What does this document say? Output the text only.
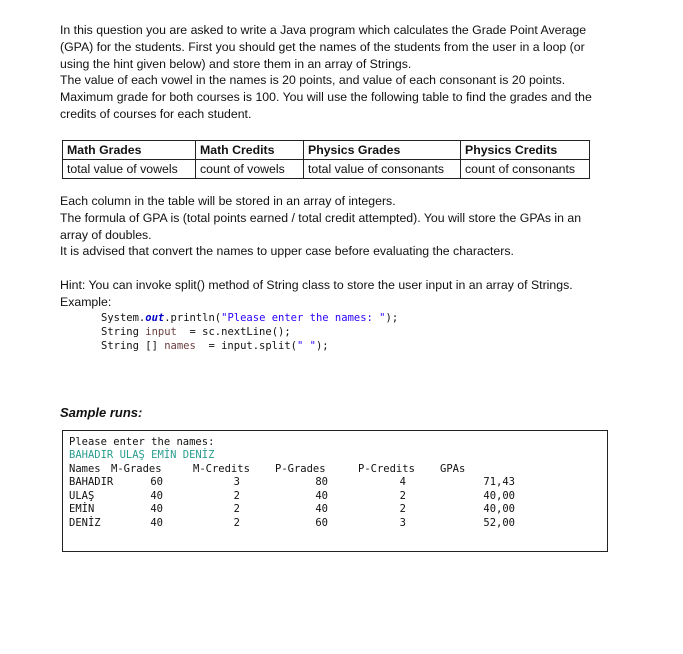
In this question you are asked to write a Java program which calculates the Grade Point Average
(GPA) for the students. First you should get the names of the students from the user in a loop (or
using the hint given below) and store them in an array of Strings.
The value of each vowel in the names is 20 points, and value of each consonant is 20 points.
Maximum grade for both courses is 100. You will use the following table to find the grades and the
credits of courses for each student.
Math Grades	Math Credits	Physics Grades	Physics Credits
total value of vowels	count of vowels	total value of consonants	count of consonants
Each column in the table will be stored in an array of integers.
The formula of GPA is (total points earned / total credit attempted). You will store the GPAs in an
array of doubles.
It is advised that convert the names to upper case before evaluating the characters.
Hint: You can invoke split() method of String class to store the user input in an array of Strings.
Example:
System.out.println("Please enter the names: ");
String input  = sc.nextLine();
String [] names  = input.split(" ");
Sample runs:
Please enter the names:
BAHADIR ULAŞ EMİN DENİZ
Names M-Grades	M-Credits P-Grades	P-Credits GPAs
BAHADIR	60	3	80	4	71,43
ULAŞ	40	2	40	2	40,00
EMİN	40	2	40	2	40,00
DENİZ	40	2	60	3	52,00
